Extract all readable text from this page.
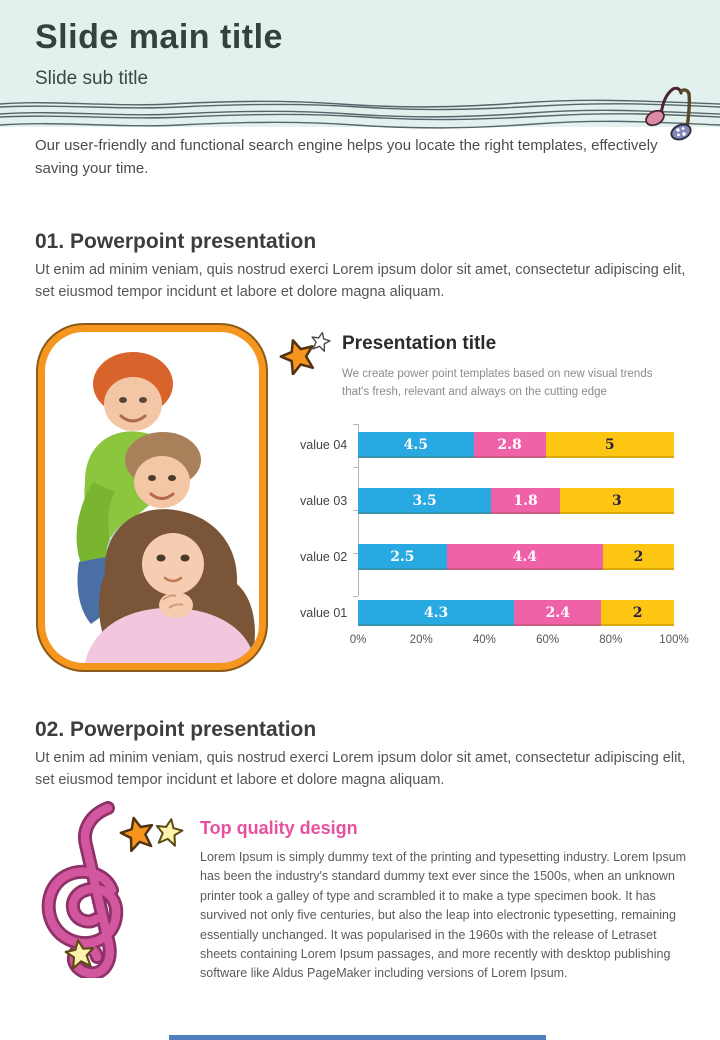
Slide main title
Slide sub title
Our user-friendly and functional search engine helps you locate the right templates, effectively saving your time.
01. Powerpoint presentation
Ut enim ad minim veniam, quis nostrud exerci Lorem ipsum dolor sit amet, consectetur adipiscing elit, set eiusmod tempor incidunt et labore et dolore magna aliquam.
Presentation title
We create power point templates based on new visual trends that's fresh, relevant and always on the cutting edge
value 04	4.5	2.8	5
value 03	3.5	1.8	3
value 02	2.5	4.4	2
value 01	4.3	2.4	2
0%	20%	40%	60%	80%	100%
02. Powerpoint presentation
Ut enim ad minim veniam, quis nostrud exerci Lorem ipsum dolor sit amet, consectetur adipiscing elit, set eiusmod tempor incidunt et labore et dolore magna aliquam.
Top quality design
Lorem Ipsum is simply dummy text of the printing and typesetting industry. Lorem Ipsum has been the industry's standard dummy text ever since the 1500s, when an unknown printer took a galley of type and scrambled it to make a type specimen book. It has survived not only five centuries, but also the leap into electronic typesetting, remaining essentially unchanged. It was popularised in the 1960s with the release of Letraset sheets containing Lorem Ipsum passages, and more recently with desktop publishing software like Aldus PageMaker including versions of Lorem Ipsum.
